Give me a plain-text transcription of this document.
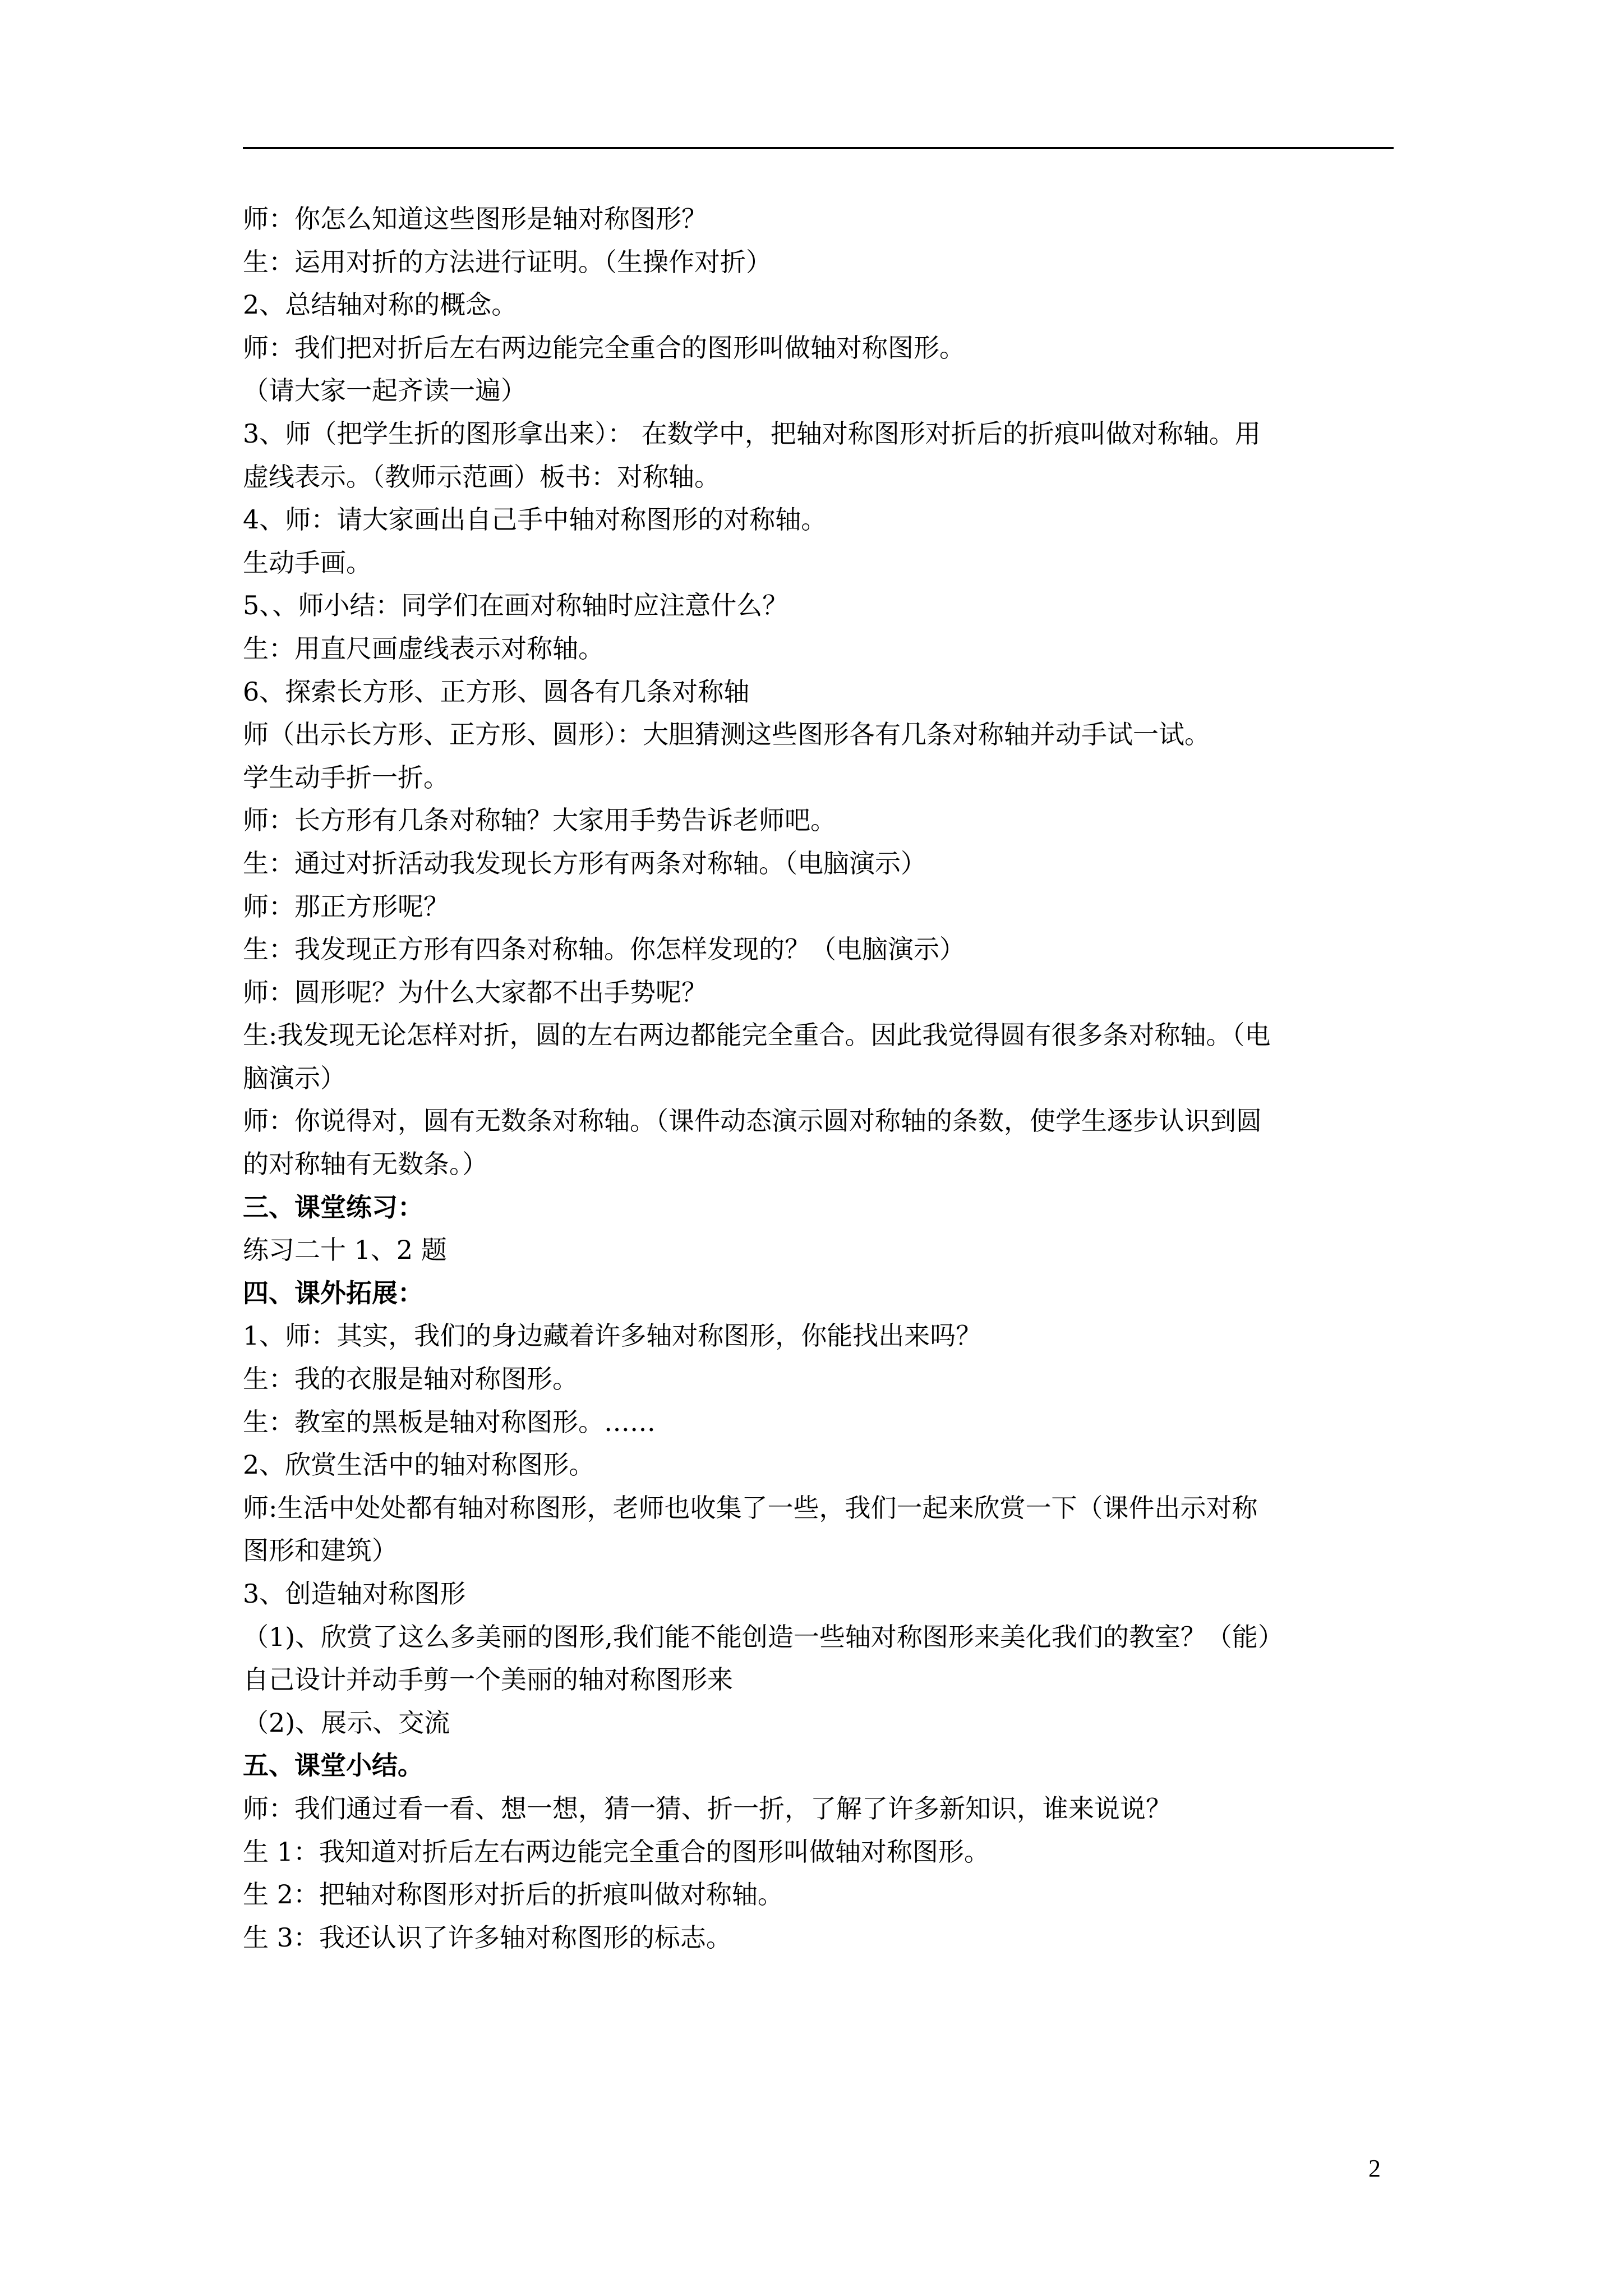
师：你怎么知道这些图形是轴对称图形？
生：运用对折的方法进行证明。（生操作对折）
2、总结轴对称的概念。
师：我们把对折后左右两边能完全重合的图形叫做轴对称图形。
（请大家一起齐读一遍）
3、师（把学生折的图形拿出来）： 在数学中，把轴对称图形对折后的折痕叫做对称轴。用
虚线表示。（教师示范画）板书：对称轴。
4、师：请大家画出自己手中轴对称图形的对称轴。
生动手画。
5、、师小结：同学们在画对称轴时应注意什么？
生：用直尺画虚线表示对称轴。
6、探索长方形、正方形、圆各有几条对称轴
师（出示长方形、正方形、圆形）：大胆猜测这些图形各有几条对称轴并动手试一试。
学生动手折一折。
师：长方形有几条对称轴？大家用手势告诉老师吧。
生：通过对折活动我发现长方形有两条对称轴。（电脑演示）
师：那正方形呢？
生：我发现正方形有四条对称轴。你怎样发现的？（电脑演示）
师：圆形呢？为什么大家都不出手势呢？
生:我发现无论怎样对折，圆的左右两边都能完全重合。因此我觉得圆有很多条对称轴。（电
脑演示）
师：你说得对，圆有无数条对称轴。（课件动态演示圆对称轴的条数，使学生逐步认识到圆
的对称轴有无数条。）
三、课堂练习：
练习二十 1、2 题
四、课外拓展：
1、师：其实，我们的身边藏着许多轴对称图形，你能找出来吗？
生：我的衣服是轴对称图形。
生：教室的黑板是轴对称图形。……
2、欣赏生活中的轴对称图形。
师:生活中处处都有轴对称图形，老师也收集了一些，我们一起来欣赏一下（课件出示对称
图形和建筑）
3、创造轴对称图形
（1)、欣赏了这么多美丽的图形,我们能不能创造一些轴对称图形来美化我们的教室？（能）
自己设计并动手剪一个美丽的轴对称图形来
（2)、展示、交流
五、课堂小结。
师：我们通过看一看、想一想，猜一猜、折一折，了解了许多新知识，谁来说说？
生 1：我知道对折后左右两边能完全重合的图形叫做轴对称图形。
生 2：把轴对称图形对折后的折痕叫做对称轴。
生 3：我还认识了许多轴对称图形的标志。
2
